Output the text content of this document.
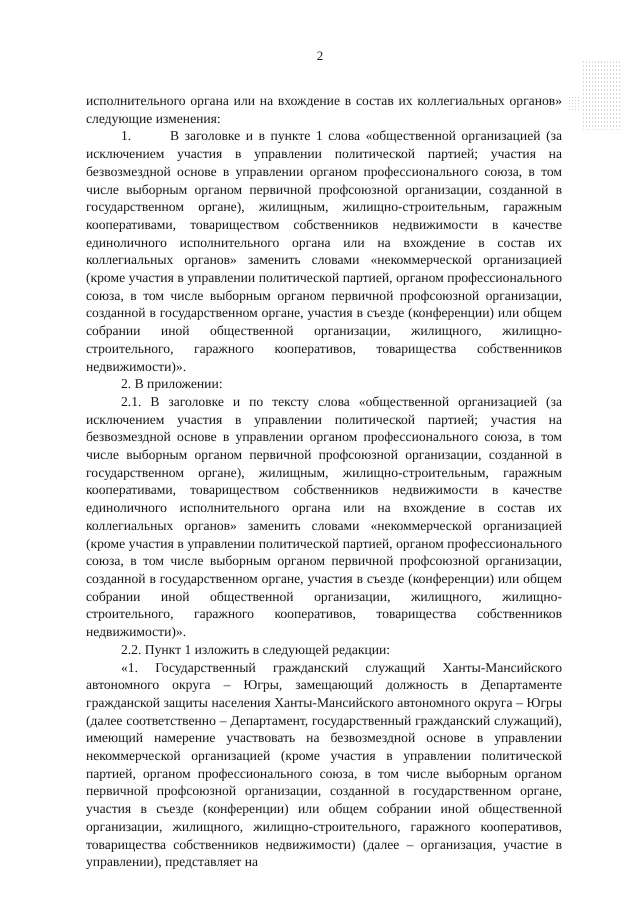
2

исполнительного органа или на вхождение в состав их коллегиальных органов» следующие изменения:

1.       В заголовке и в пункте 1 слова «общественной организацией (за исключением участия в управлении политической партией; участия на безвозмездной основе в управлении органом профессионального союза, в том числе выборным органом первичной профсоюзной организации, созданной в государственном органе), жилищным, жилищно-строительным, гаражным кооперативами, товариществом собственников недвижимости в качестве единоличного исполнительного органа или на вхождение в состав их коллегиальных органов» заменить словами «некоммерческой организацией (кроме участия в управлении политической партией, органом профессионального союза, в том числе выборным органом первичной профсоюзной организации, созданной в государственном органе, участия в съезде (конференции) или общем собрании иной общественной организации, жилищного, жилищно-строительного, гаражного кооперативов, товарищества собственников недвижимости)».

2. В приложении:

2.1. В заголовке и по тексту слова «общественной организацией (за исключением участия в управлении политической партией; участия на безвозмездной основе в управлении органом профессионального союза, в том числе выборным органом первичной профсоюзной организации, созданной в государственном органе), жилищным, жилищно-строительным, гаражным кооперативами, товариществом собственников недвижимости в качестве единоличного исполнительного органа или на вхождение в состав их коллегиальных органов» заменить словами «некоммерческой организацией (кроме участия в управлении политической партией, органом профессионального союза, в том числе выборным органом первичной профсоюзной организации, созданной в государственном органе, участия в съезде (конференции) или общем собрании иной общественной организации, жилищного, жилищно-строительного, гаражного кооперативов, товарищества собственников недвижимости)».

2.2. Пункт 1 изложить в следующей редакции:

«1. Государственный гражданский служащий Ханты-Мансийского автономного округа – Югры, замещающий должность в Департаменте гражданской защиты населения Ханты-Мансийского автономного округа – Югры (далее соответственно – Департамент, государственный гражданский служащий), имеющий намерение участвовать на безвозмездной основе в управлении некоммерческой организацией (кроме участия в управлении политической партией, органом профессионального союза, в том числе выборным органом первичной профсоюзной организации, созданной в государственном органе, участия в съезде (конференции) или общем собрании иной общественной организации, жилищного, жилищно-строительного, гаражного кооперативов, товарищества собственников недвижимости) (далее – организация, участие в управлении), представляет на
